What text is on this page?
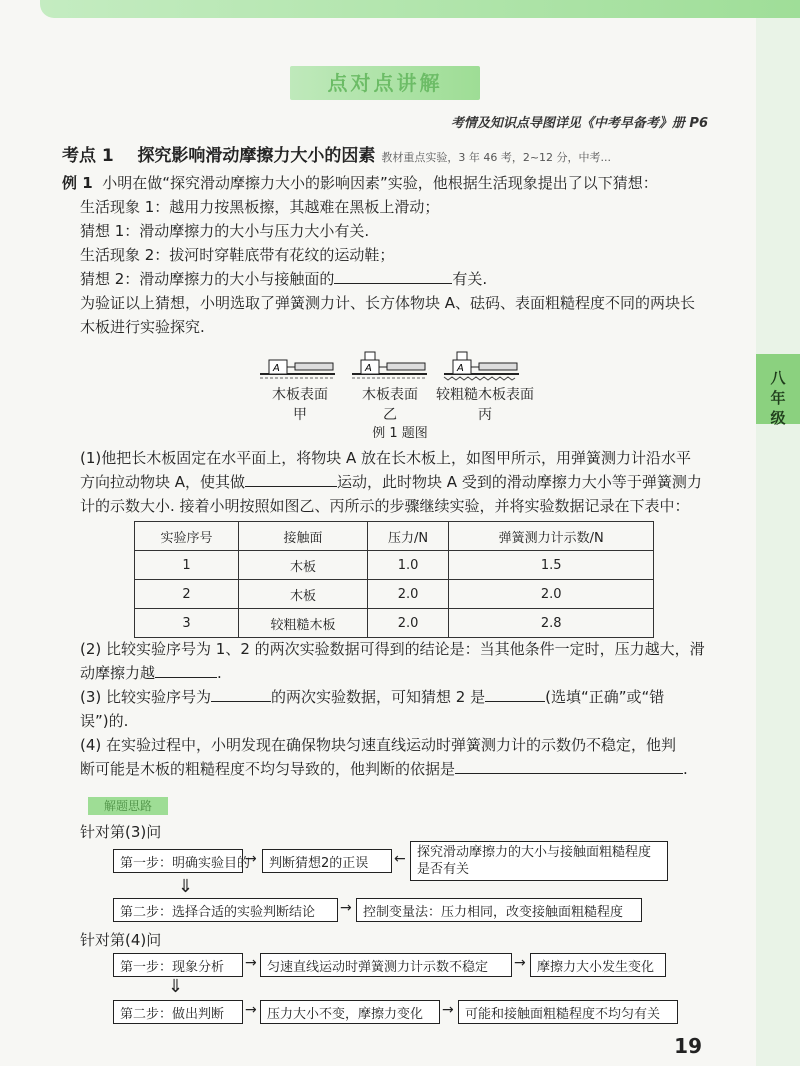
点对点讲解
考情及知识点导图详见《中考早备考》册 P6
八年级
考点 1 探究影响滑动摩擦力大小的因素 教材重点实验，3 年 46 考，2~12 分，中考...
例 1 小明在做“探究滑动摩擦力大小的影响因素”实验，他根据生活现象提出了以下猜想：
生活现象 1：越用力按黑板擦，其越难在黑板上滑动；
猜想 1：滑动摩擦力的大小与压力大小有关.
生活现象 2：拔河时穿鞋底带有花纹的运动鞋；
猜想 2：滑动摩擦力的大小与接触面的	有关.
为验证以上猜想，小明选取了弹簧测力计、长方体物块 A、砝码、表面粗糙程度不同的两块长
木板进行实验探究.
A	A	A
木板表面
甲
木板表面
乙
较粗糙木板表面
丙
例 1 题图
(1)他把长木板固定在水平面上，将物块 A 放在长木板上，如图甲所示，用弹簧测力计沿水平
方向拉动物块 A，使其做	运动，此时物块 A 受到的滑动摩擦力大小等于弹簧测力
计的示数大小. 接着小明按照如图乙、丙所示的步骤继续实验，并将实验数据记录在下表中：
实验序号	接触面	压力/N	弹簧测力计示数/N
1	木板	1.0	1.5
2	木板	2.0	2.0
3	较粗糙木板	2.0	2.8
(2) 比较实验序号为 1、2 的两次实验数据可得到的结论是：当其他条件一定时，压力越大，滑
动摩擦力越	.
(3) 比较实验序号为	的两次实验数据，可知猜想 2 是	(选填“正确”或“错
误”)的.
(4) 在实验过程中，小明发现在确保物块匀速直线运动时弹簧测力计的示数仍不稳定，他判
断可能是木板的粗糙程度不均匀导致的，他判断的依据是	.
解题思路
针对第(3)问
第一步：明确实验目的
→ 判断猜想2的正误	← 探究滑动摩擦力的大小与接触面粗糙程度
是否有关
⇓
第二步：选择合适的实验判断结论	→ 控制变量法：压力相同，改变接触面粗糙程度
针对第(4)问
第一步：现象分析	→ 匀速直线运动时弹簧测力计示数不稳定	→ 摩擦力大小发生变化
⇓
第二步：做出判断	→ 压力大小不变，摩擦力变化	→ 可能和接触面粗糙程度不均匀有关
19
